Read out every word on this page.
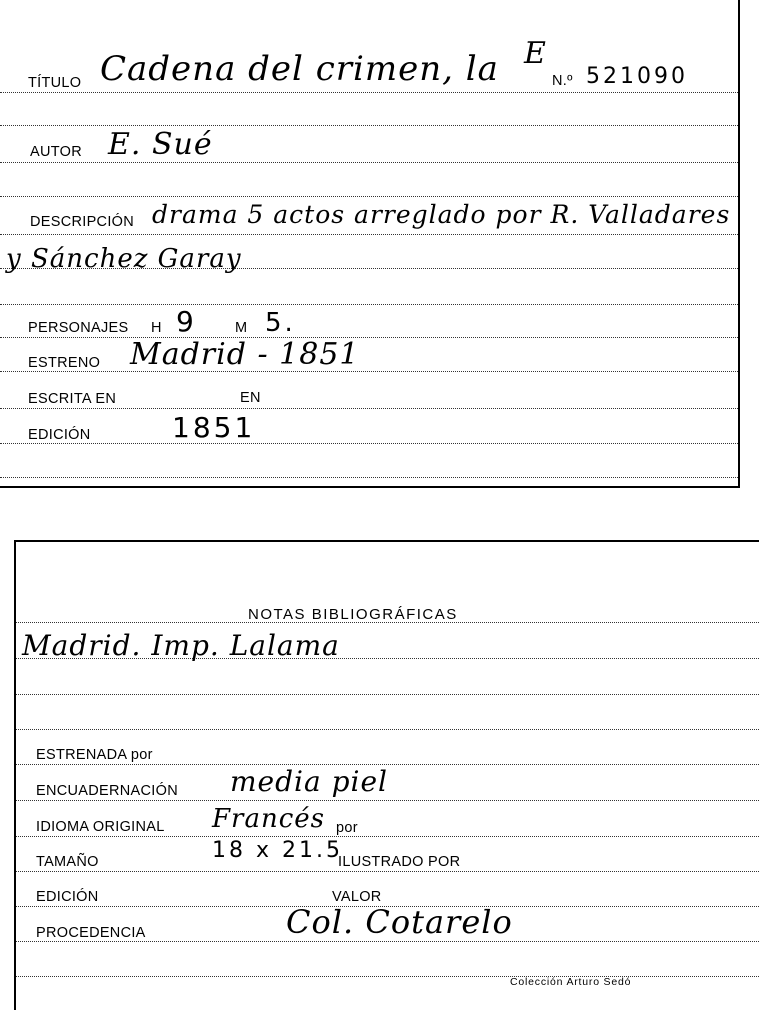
TÍTULO Cadena del crimen, la E
N.º 521090
AUTOR E. Sué
DESCRIPCIÓN drama 5 actos arreglado por R. Valladares
y Sánchez Garay
PERSONAJES H 9	M 5.
ESTRENO Madrid - 1851
ESCRITA EN	EN
EDICIÓN	1851
NOTAS BIBLIOGRÁFICAS
Madrid. Imp. Lalama
ESTRENADA por
ENCUADERNACIÓN media piel
IDIOMA ORIGINAL Francés por
TAMAÑO	18 x 21.5
ILUSTRADO POR
EDICIÓN	VALOR
PROCEDENCIA	Col. Cotarelo
Colección Arturo Sedó
